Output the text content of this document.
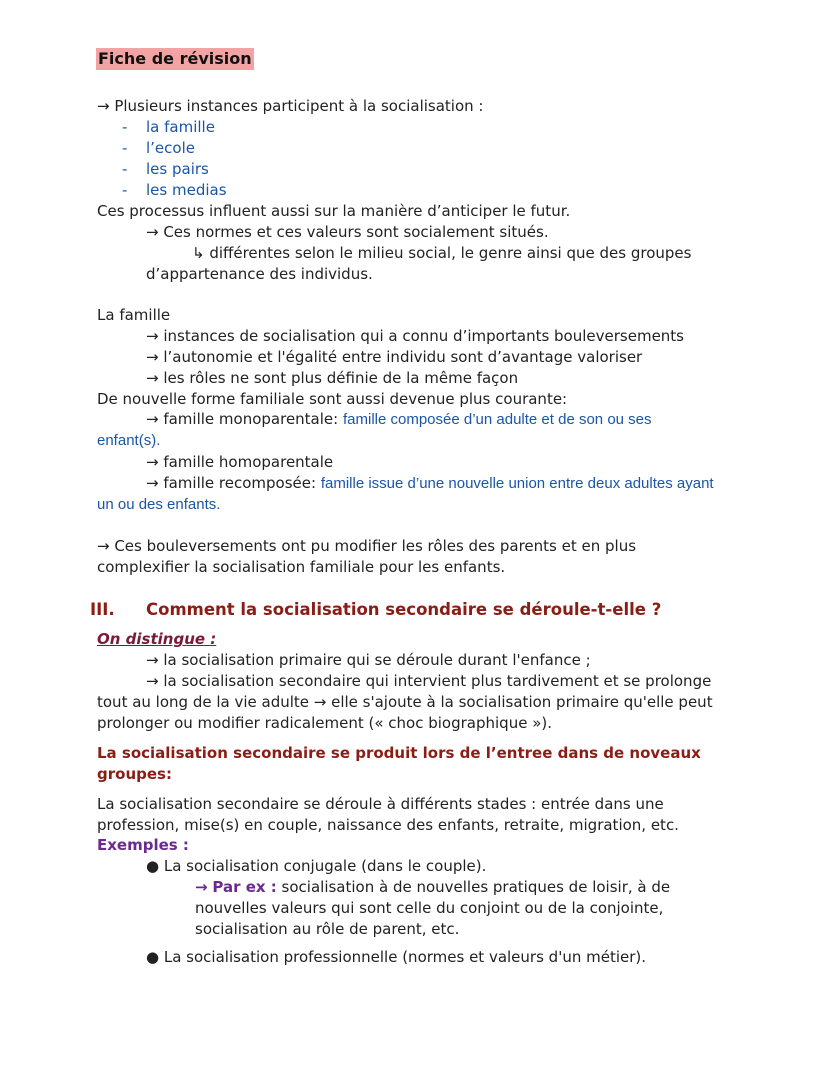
Fiche de révision
→ Plusieurs instances participent à la socialisation :
- la famille
- l’ecole
- les pairs
- les medias
Ces processus influent aussi sur la manière d’anticiper le futur.
→ Ces normes et ces valeurs sont socialement situés.
↳ différentes selon le milieu social, le genre ainsi que des groupes
d’appartenance des individus.
La famille
→ instances de socialisation qui a connu d’importants bouleversements
→ l’autonomie et l'égalité entre individu sont d’avantage valoriser
→ les rôles ne sont plus définie de la même façon
De nouvelle forme familiale sont aussi devenue plus courante:
→ famille monoparentale: famille composée d’un adulte et de son ou ses
enfant(s).
→ famille homoparentale
→ famille recomposée: famille issue d’une nouvelle union entre deux adultes ayant
un ou des enfants.
→ Ces bouleversements ont pu modifier les rôles des parents et en plus
complexifier la socialisation familiale pour les enfants.
III. Comment la socialisation secondaire se déroule-t-elle ?
On distingue :
→ la socialisation primaire qui se déroule durant l'enfance ;
→ la socialisation secondaire qui intervient plus tardivement et se prolonge
tout au long de la vie adulte → elle s'ajoute à la socialisation primaire qu'elle peut
prolonger ou modifier radicalement (« choc biographique »).
La socialisation secondaire se produit lors de l’entree dans de noveaux
groupes:
La socialisation secondaire se déroule à différents stades : entrée dans une
profession, mise(s) en couple, naissance des enfants, retraite, migration, etc.
Exemples :
● La socialisation conjugale (dans le couple).
→ Par ex : socialisation à de nouvelles pratiques de loisir, à de
nouvelles valeurs qui sont celle du conjoint ou de la conjointe,
socialisation au rôle de parent, etc.
● La socialisation professionnelle (normes et valeurs d'un métier).
